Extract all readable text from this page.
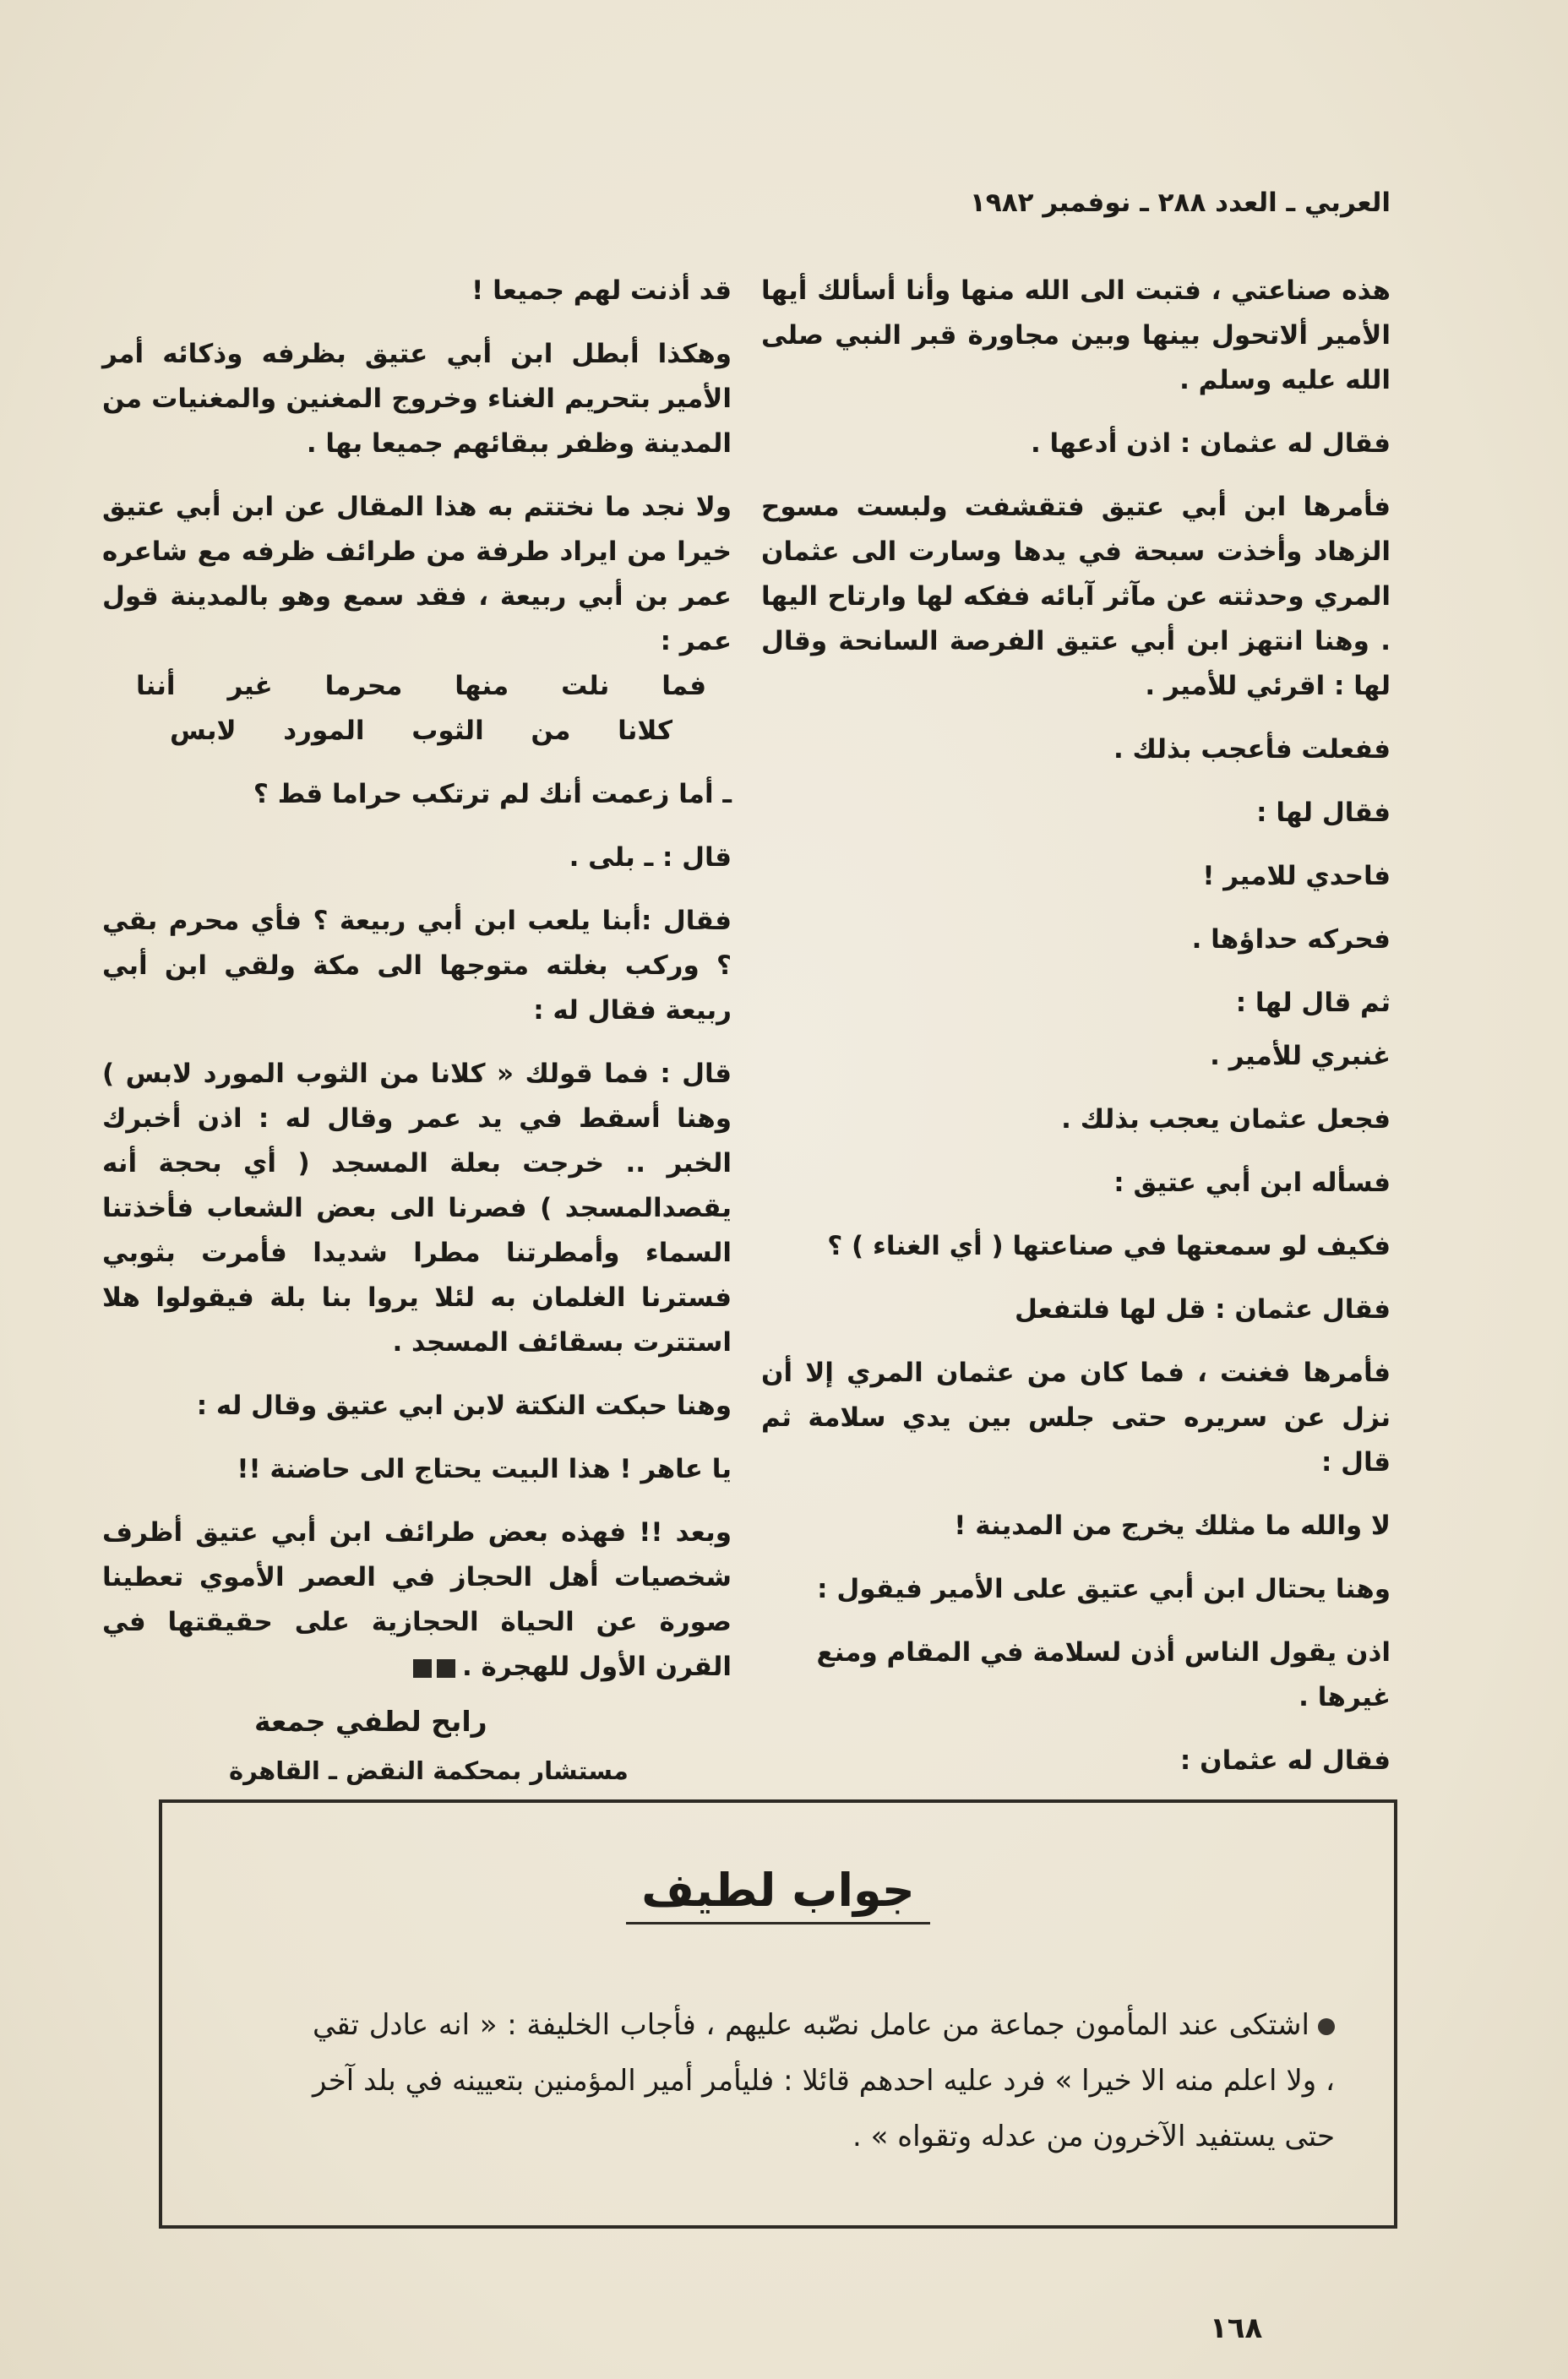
العربي ـ العدد ٢٨٨ ـ نوفمبر ١٩٨٢

هذه صناعتي ، فتبت الى الله منها وأنا أسألك أيها الأمير ألاتحول بينها وبين مجاورة قبر النبي صلى الله عليه وسلم .

فقال له عثمان : اذن أدعها .

فأمرها ابن أبي عتيق فتقشفت ولبست مسوح الزهاد وأخذت سبحة في يدها وسارت الى عثمان المري وحدثته عن مآثر آبائه ففكه لها وارتاح اليها . وهنا انتهز ابن أبي عتيق الفرصة السانحة وقال لها : اقرئي للأمير .

ففعلت فأعجب بذلك .

فقال لها :

فاحدي للامير !

فحركه حداؤها .

ثم قال لها :

غنبري للأمير .

فجعل عثمان يعجب بذلك .

فسأله ابن أبي عتيق :

فكيف لو سمعتها في صناعتها ( أي الغناء ) ؟

فقال عثمان : قل لها فلتفعل

فأمرها فغنت ، فما كان من عثمان المري إلا أن نزل عن سريره حتى جلس بين يدي سلامة ثم قال :

لا والله ما مثلك يخرج من المدينة !

وهنا يحتال ابن أبي عتيق على الأمير فيقول :

اذن يقول الناس أذن لسلامة في المقام ومنع غيرها .

فقال له عثمان :

قد أذنت لهم جميعا !

وهكذا أبطل ابن أبي عتيق بظرفه وذكائه أمر الأمير بتحريم الغناء وخروج المغنين والمغنيات من المدينة وظفر ببقائهم جميعا بها .

ولا نجد ما نختتم به هذا المقال عن ابن أبي عتيق خيرا من ايراد طرفة من طرائف ظرفه مع شاعره عمر بن أبي ربيعة ، فقد سمع وهو بالمدينة قول عمر :

فما
نلت
منها
محرما
غير
أننا
كلانا
من
الثوب
المورد
لابس

ـ أما زعمت أنك لم ترتكب حراما قط ؟

قال : ـ بلى .

فقال :أبنا يلعب ابن أبي ربيعة ؟ فأي محرم بقي ؟ وركب بغلته متوجها الى مكة ولقي ابن أبي ربيعة فقال له :

قال : فما قولك « كلانا من الثوب المورد لابس ) وهنا أسقط في يد عمر وقال له : اذن أخبرك الخبر .. خرجت بعلة المسجد ( أي بحجة أنه يقصدالمسجد ) فصرنا الى بعض الشعاب فأخذتنا السماء وأمطرتنا مطرا شديدا فأمرت بثوبي فسترنا الغلمان به لئلا يروا بنا بلة فيقولوا هلا استترت بسقائف المسجد .

وهنا حبكت النكتة لابن ابي عتيق وقال له :

يا عاهر ! هذا البيت يحتاج الى حاضنة !!

وبعد !! فهذه بعض طرائف ابن أبي عتيق أظرف شخصيات أهل الحجاز في العصر الأموي تعطينا صورة عن الحياة الحجازية على حقيقتها في القرن الأول للهجرة .

رابح لطفي جمعة

مستشار بمحكمة النقض ـ القاهرة

جواب لطيف
اشتكى عند المأمون جماعة من عامل نصّبه عليهم ، فأجاب الخليفة : « انه عادل تقي ، ولا اعلم منه الا خيرا » فرد عليه احدهم قائلا : فليأمر أمير المؤمنين بتعيينه في بلد آخر حتى يستفيد الآخرون من عدله وتقواه » .
١٦٨
